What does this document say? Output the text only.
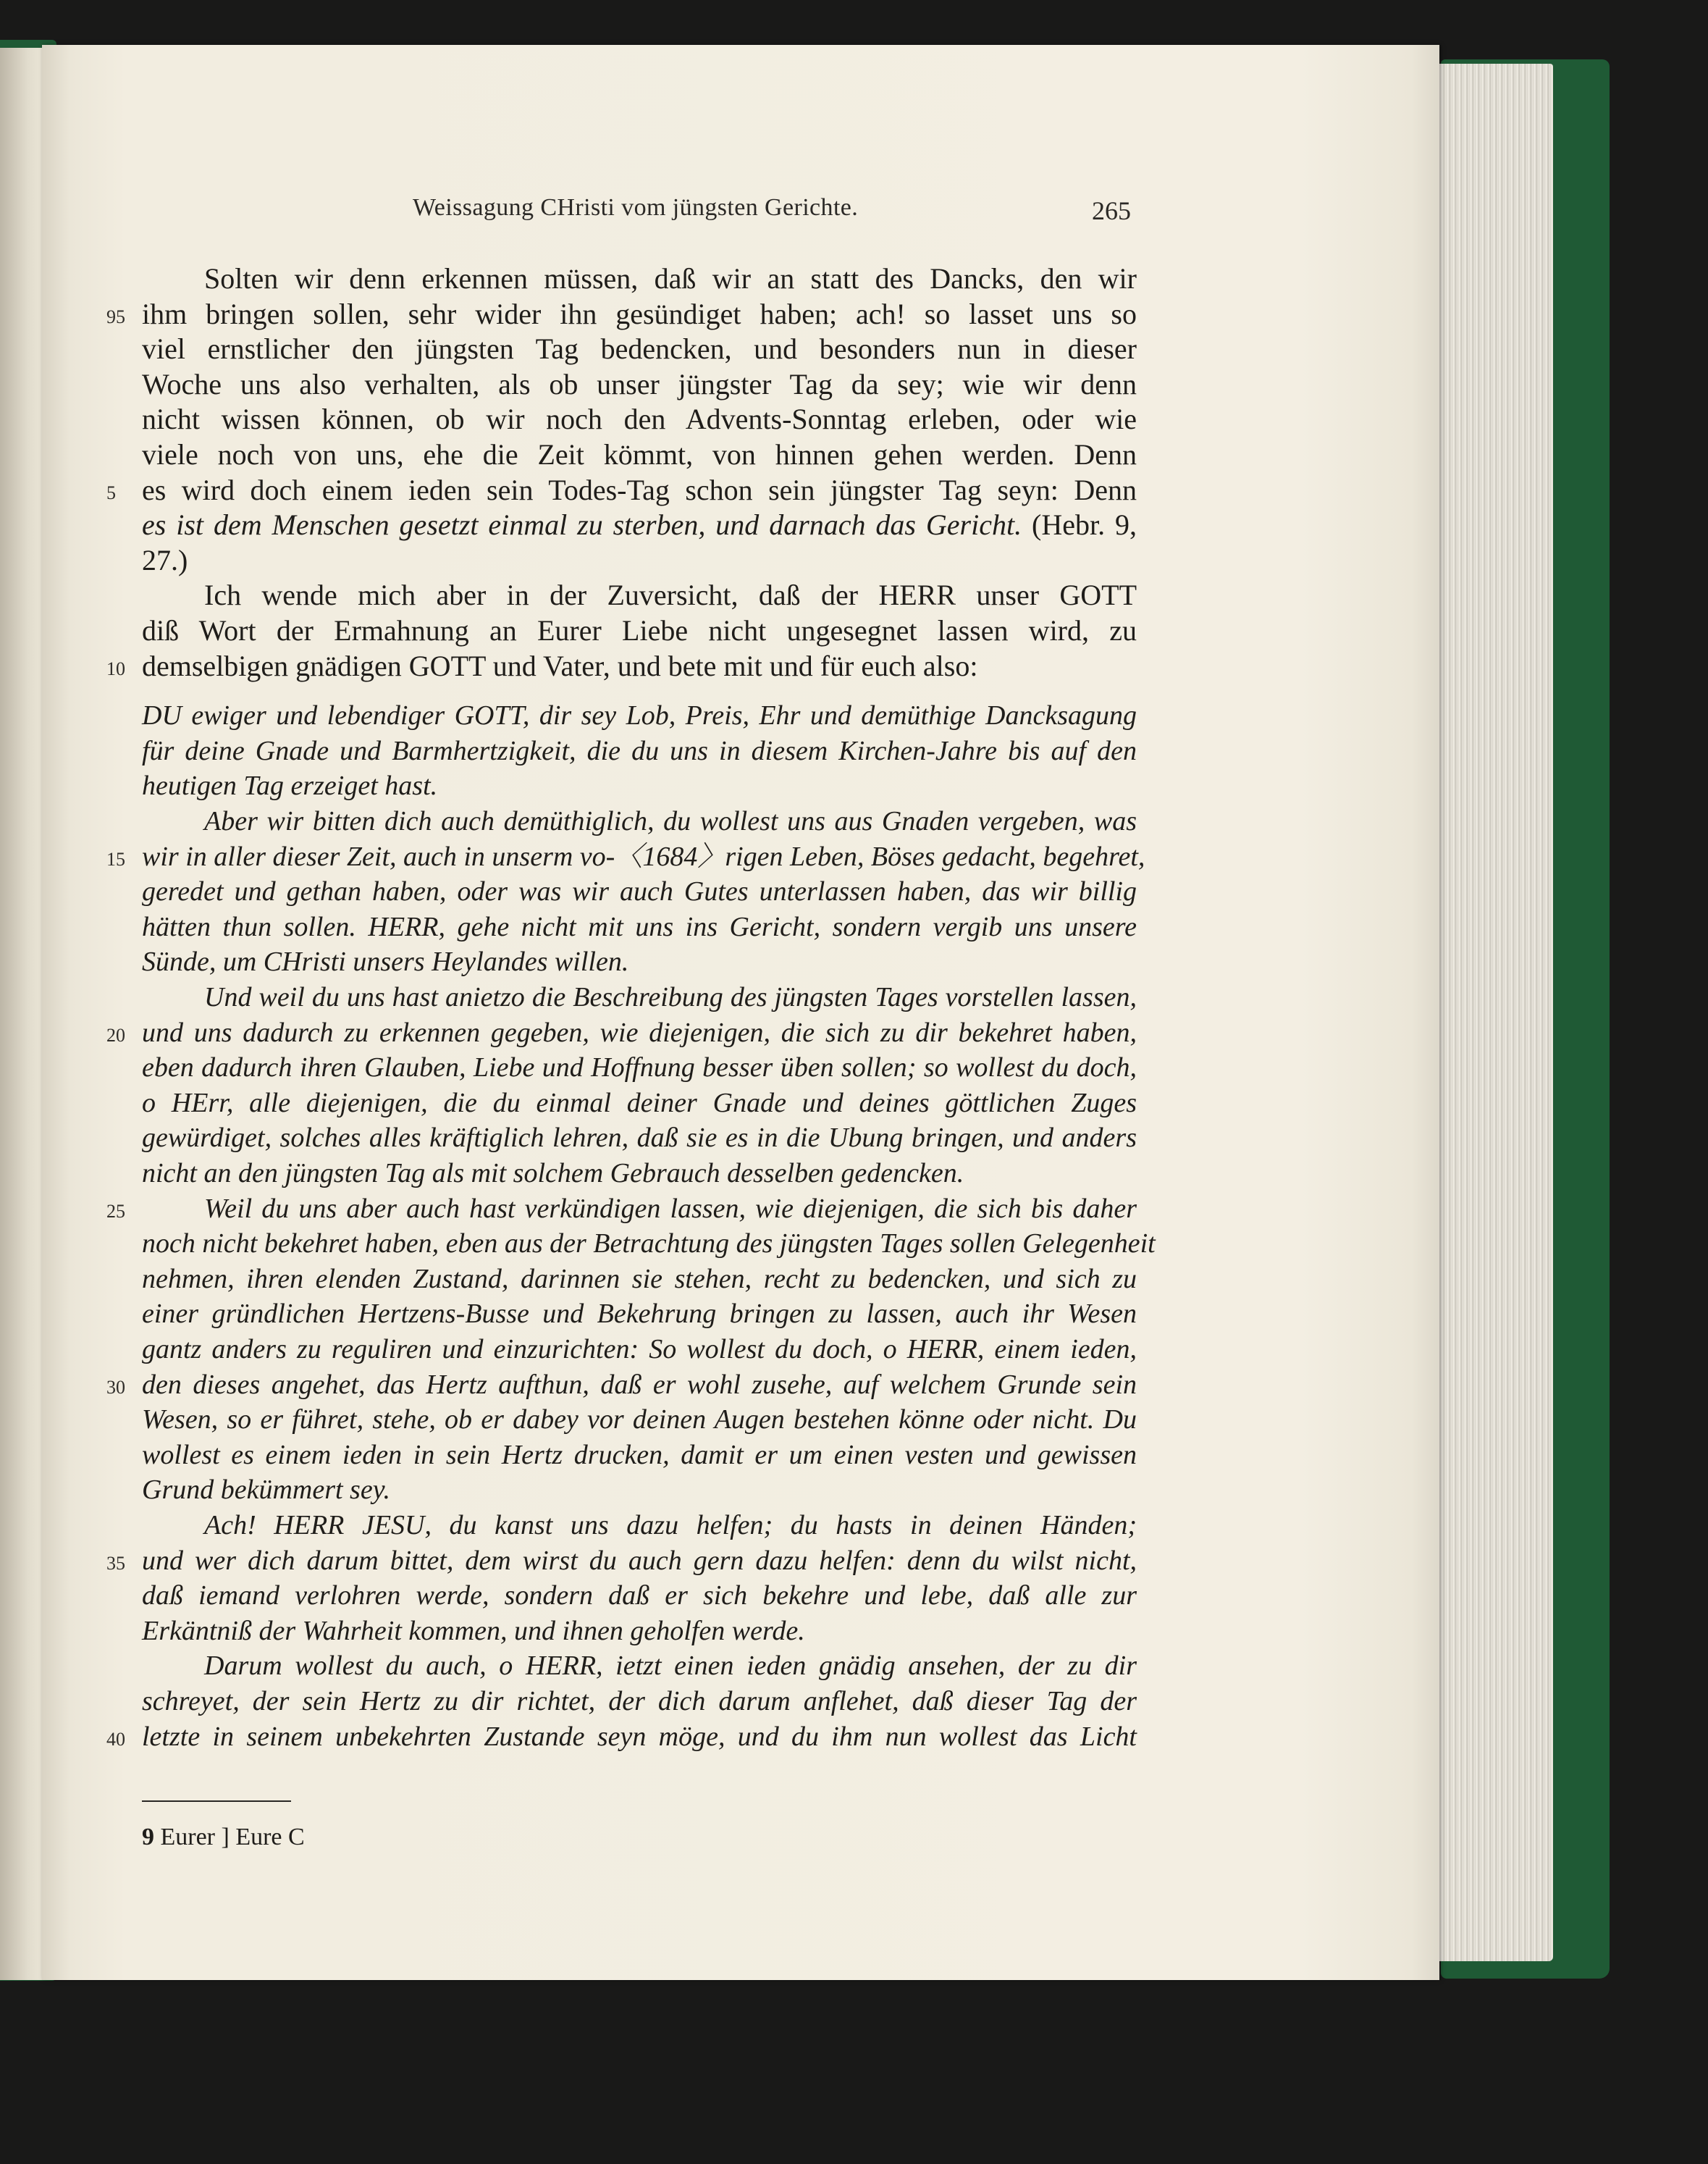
Weissagung CHristi vom jüngsten Gerichte.	265
Solten wir denn erkennen müssen, daß wir an statt des Dancks, den wir
ihm bringen sollen, sehr wider ihn gesündiget haben; ach! so lasset uns so
95
viel ernstlicher den jüngsten Tag bedencken, und besonders nun in dieser
Woche uns also verhalten, als ob unser jüngster Tag da sey; wie wir denn
nicht wissen können, ob wir noch den Advents-Sonntag erleben, oder wie
viele noch von uns, ehe die Zeit kömmt, von hinnen gehen werden. Denn
es wird doch einem ieden sein Todes-Tag schon sein jüngster Tag seyn: Denn
5
es ist dem Menschen gesetzt einmal zu sterben, und darnach das Gericht. (Hebr. 9,
27.)
Ich wende mich aber in der Zuversicht, daß der HERR unser GOTT
diß Wort der Ermahnung an Eurer Liebe nicht ungesegnet lassen wird, zu
demselbigen gnädigen GOTT und Vater, und bete mit und für euch also:
10
DU ewiger und lebendiger GOTT, dir sey Lob, Preis, Ehr und demüthige Dancksagung
für deine Gnade und Barmhertzigkeit, die du uns in diesem Kirchen-Jahre bis auf den
heutigen Tag erzeiget hast.
Aber wir bitten dich auch demüthiglich, du wollest uns aus Gnaden vergeben, was
wir in aller dieser Zeit, auch in unserm vo-〈1684〉rigen Leben, Böses gedacht, begehret,
15
geredet und gethan haben, oder was wir auch Gutes unterlassen haben, das wir billig
hätten thun sollen. HERR, gehe nicht mit uns ins Gericht, sondern vergib uns unsere
Sünde, um CHristi unsers Heylandes willen.
Und weil du uns hast anietzo die Beschreibung des jüngsten Tages vorstellen lassen,
und uns dadurch zu erkennen gegeben, wie diejenigen, die sich zu dir bekehret haben,
20
eben dadurch ihren Glauben, Liebe und Hoffnung besser üben sollen; so wollest du doch,
o HErr, alle diejenigen, die du einmal deiner Gnade und deines göttlichen Zuges
gewürdiget, solches alles kräftiglich lehren, daß sie es in die Ubung bringen, und anders
nicht an den jüngsten Tag als mit solchem Gebrauch desselben gedencken.
Weil du uns aber auch hast verkündigen lassen, wie diejenigen, die sich bis daher
25
noch nicht bekehret haben, eben aus der Betrachtung des jüngsten Tages sollen Gelegenheit
nehmen, ihren elenden Zustand, darinnen sie stehen, recht zu bedencken, und sich zu
einer gründlichen Hertzens-Busse und Bekehrung bringen zu lassen, auch ihr Wesen
gantz anders zu reguliren und einzurichten: So wollest du doch, o HERR, einem ieden,
den dieses angehet, das Hertz aufthun, daß er wohl zusehe, auf welchem Grunde sein
30
Wesen, so er führet, stehe, ob er dabey vor deinen Augen bestehen könne oder nicht. Du
wollest es einem ieden in sein Hertz drucken, damit er um einen vesten und gewissen
Grund bekümmert sey.
Ach! HERR JESU, du kanst uns dazu helfen; du hasts in deinen Händen;
und wer dich darum bittet, dem wirst du auch gern dazu helfen: denn du wilst nicht,
35
daß iemand verlohren werde, sondern daß er sich bekehre und lebe, daß alle zur
Erkäntniß der Wahrheit kommen, und ihnen geholfen werde.
Darum wollest du auch, o HERR, ietzt einen ieden gnädig ansehen, der zu dir
schreyet, der sein Hertz zu dir richtet, der dich darum anflehet, daß dieser Tag der
letzte in seinem unbekehrten Zustande seyn möge, und du ihm nun wollest das Licht
40
9 Eurer ] Eure C
